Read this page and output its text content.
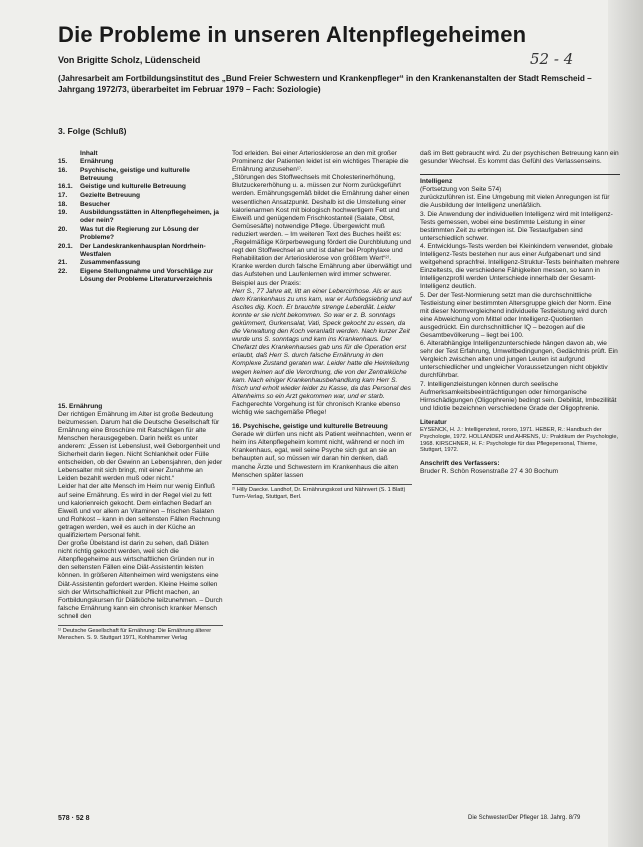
Die Probleme in unseren Altenpflegeheimen
Von Brigitte Scholz, Lüdenscheid	52 - 4
(Jahresarbeit am Fortbildungsinstitut des „Bund Freier Schwestern und Krankenpfleger“ in den Krankenanstalten der Stadt Remscheid – Jahrgang 1972/73, überarbeitet im Februar 1979 – Fach: Soziologie)
3. Folge (Schluß)
Inhalt
15.	Ernährung
16.	Psychische, geistige und kulturelle Betreuung
16.1.	Geistige und kulturelle Betreuung
17.	Gezielte Betreuung
18.	Besucher
19.	Ausbildungsstätten in Altenpflegeheimen, ja oder nein?
20.	Was tut die Regierung zur Lösung der Probleme?
20.1.	Der Landeskrankenhausplan Nordrhein-Westfalen
21.	Zusammenfassung
22.	Eigene Stellungnahme und Vorschläge zur Lösung der Probleme Literaturverzeichnis
15. Ernährung

Der richtigen Ernährung im Alter ist große Bedeutung beizumessen. Darum hat die Deutsche Gesellschaft für Ernährung eine Broschüre mit Ratschlägen für alte Menschen herausgegeben. Darin heißt es unter anderem: „Essen ist Lebenslust, weil Geborgenheit und Sicherheit darin liegen. Nicht Schlankheit oder Fülle entscheiden, ob der Gewinn an Lebensjahren, den jeder Lebensalter mit sich bringt, mit einer Zunahme an Leiden bezahlt werden muß oder nicht.“

Leider hat der alte Mensch im Heim nur wenig Einfluß auf seine Ernährung. Es wird in der Regel viel zu fett und kalorienreich gekocht. Dem einfachen Bedarf an Eiweiß und vor allem an Vitaminen – frischen Salaten und Rohkost – kann in den seltensten Fällen Rechnung getragen werden, weil es auch in der Küche an qualifiziertem Personal fehlt.

Der große Übelstand ist darin zu sehen, daß Diäten nicht richtig gekocht werden, weil sich die Altenpflegeheime aus wirtschaftlichen Gründen nur in den seltensten Fällen eine Diät-Assistentin leisten können. In größeren Altenheimen wird wenigstens eine Diät-Assistentin gefordert werden. Kleine Heime sollen sich der Wirtschaftlichkeit zur Pflicht machen, an Fortbildungskursen für Diätköche teilzunehmen. – Durch falsche Ernährung kann ein chronisch kranker Mensch schnell den

¹⁾ Deutsche Gesellschaft für Ernährung: Die Ernährung älterer Menschen. S. 9. Stuttgart 1971, Kohlhammer Verlag

Tod erleiden. Bei einer Arteriosklerose an den mit großer Prominenz der Patienten leidet ist ein wichtiges Therapie die Ernährung anzusehen¹⁾.

„Störungen des Stoffwechsels mit Cholesterinerhöhung, Blutzuckererhöhung u. a. müssen zur Norm zurückgeführt werden. Ernährungsgemäß bildet die Ernährung daher einen wesentlichen Ansatzpunkt. Deshalb ist die Umstellung einer kalorienarmen Kost mit biologisch hochwertigem Fett und Eiweiß und genügendem Frischkostanteil (Salate, Obst, Gemüsesäfte) notwendige Pflege. Übergewicht muß reduziert werden. – Im weiteren Text des Buches heißt es: „Regelmäßige Körperbewegung fördert die Durchblutung und regt den Stoffwechsel an und ist daher bei Prophylaxe und Rehabilitation der Arteriosklerose von größtem Wert“²⁾.

Kranke werden durch falsche Ernährung aber überwältigt und das Aufstehen und Laufenlernen wird immer schwerer.

Beispiel aus der Praxis:

Herr S., 77 Jahre alt, litt an einer Lebercirrhose. Als er aus dem Krankenhaus zu uns kam, war er Aufstiegsiebrig und auf Ascites dig. Koch. Er brauchte strenge Leberdiät. Leider konnte er sie nicht bekommen. So war er z. B. sonntags gekümmert, Gurkensalat, Vati, Speck gekocht zu essen, da die Verwaltung den Koch veranlaßt werden. Nach kurzer Zeit wurde uns S. sonntags und kam ins Krankenhaus. Der Chefarzt des Krankenhauses gab uns für die Operation erst erlaubt, daß Herr S. durch falsche Ernährung in den Komplexe Zustand geraten war. Leider hatte die Heimleitung wegen keinen auf die Verordnung, die von der Zentralküche kam. Nach einiger Krankenhausbehandlung kam Herr S. frisch und erholt wieder leider zu Kasse, da das Personal des Altenheims so ein Arzt gekommen war, und er starb.

Fachgerechte Vorgehung ist für chronisch Kranke ebenso wichtig wie sachgemäße Pflege!

16. Psychische, geistige und kulturelle Betreuung

Gerade wir dürfen uns nicht als Patient weihnachten, wenn er heim ins Altenpflegeheim kommt nicht, während er noch im Krankenhaus, egal, weil seine Psyche sich gut an sie an behaupten auf, so müssen wir daran hin denken, daß manche Ärzte und Schwestern im Krankenhaus die alten Menschen später lassen

²⁾ Hilly Daecke. Landhof, Dr. Ernährungskost und Nährwert (S. 1 Blatt) Turm-Verlag, Stuttgart, Berl.

daß im Bett gebraucht wird. Zu der psychischen Betreuung kann ein gesunder Wechsel. Es kommt das Gefühl des Verlassenseins.

Intelligenz
(Fortsetzung von Seite 574)

zurückzuführen ist. Eine Umgebung mit vielen Anregungen ist für die Ausbildung der Intelligenz unerläßlich.

3. Die Anwendung der individuellen Intelligenz wird mit Intelligenz-Tests gemessen, wobei eine bestimmte Leistung in einer bestimmten Zeit zu erbringen ist. Die Testaufgaben sind unterschiedlich schwer.

4. Entwicklungs-Tests werden bei Kleinkindern verwendet, globale Intelligenz-Tests bestehen nur aus einer Aufgabenart und sind weitgehend sprachfrei. Intelligenz-Struktur-Tests beinhalten mehrere Einzeltests, die verschiedene Fähigkeiten messen, so kann in Intelligenzprofil werden Unterschiede innerhalb der Gesamt-Intelligenz deutlich.

5. Der der Test-Normierung setzt man die durchschnittliche Testleistung einer bestimmten Altersgruppe gleich der Norm. Eine mit dieser Normvergleichend individuelle Testleistung wird durch eine Abweichung vom Mittel oder Intelligenz-Quotienten ausgedrückt. Ein durchschnittlicher IQ – bezogen auf die Gesamtbevölkerung – liegt bei 100.

6. Alterabhängige Intelligenzunterschiede hängen davon ab, wie sehr der Test Erfahrung, Umweltbedingungen, Gedächtnis prüft. Ein Vergleich zwischen alten und jungen Leuten ist aufgrund unterschiedlicher und ungleicher Voraussetzungen nicht objektiv durchführbar.

7. Intelligenzleistungen können durch seelische Aufmerksamkeitsbeeinträchtigungen oder hirnorganische Hirnschädigungen (Oligophrenie) bedingt sein. Debilität, Imbezillität und Idiotie bezeichnen verschiedene Grade der Oligophrenie.

Literatur
EYSENCK, H. J.: Intelligenztest, rororo, 1971. HEBER, R.: Handbuch der Psychologie, 1972. HOLLANDER und AHRENS, U.: Praktikum der Psychologie, 1968. KIRSCHNER, H. F.: Psychologie für das Pflegepersonal, Thieme, Stuttgart, 1972.
Anschrift des Verfassers:
Bruder R. Schön Rosenstraße 27 4 30 Bochum
578 · 52 8	Die Schwester/Der Pfleger 18. Jahrg. 8/79
